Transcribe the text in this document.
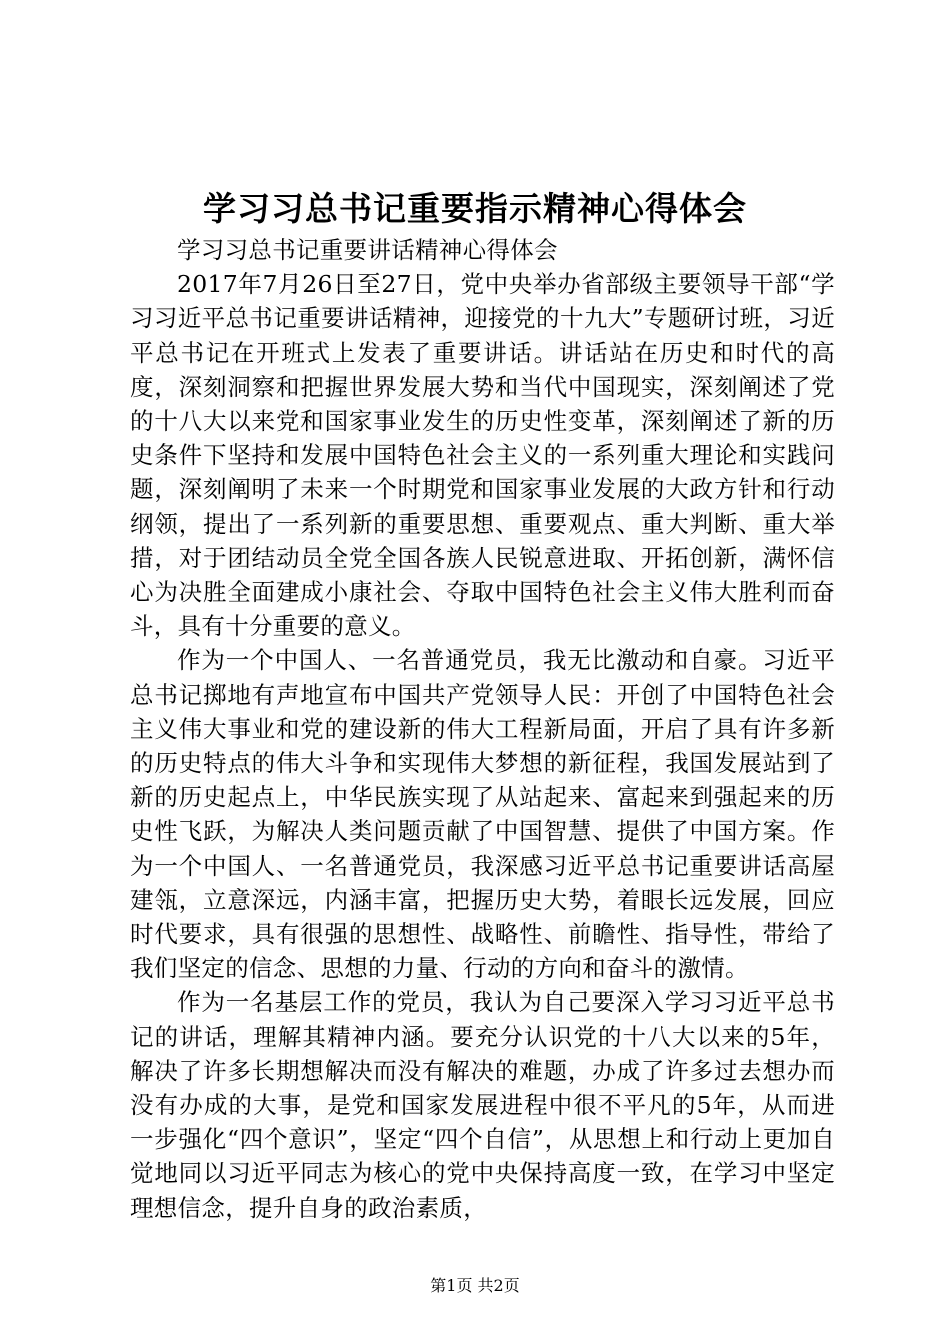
学习习总书记重要指示精神心得体会

学习习总书记重要讲话精神心得体会

2017年7月26日至27日，党中央举办省部级主要领导干部“学习习近平总书记重要讲话精神，迎接党的十九大”专题研讨班，习近平总书记在开班式上发表了重要讲话。讲话站在历史和时代的高度，深刻洞察和把握世界发展大势和当代中国现实，深刻阐述了党的十八大以来党和国家事业发生的历史性变革，深刻阐述了新的历史条件下坚持和发展中国特色社会主义的一系列重大理论和实践问题，深刻阐明了未来一个时期党和国家事业发展的大政方针和行动纲领，提出了一系列新的重要思想、重要观点、重大判断、重大举措，对于团结动员全党全国各族人民锐意进取、开拓创新，满怀信心为决胜全面建成小康社会、夺取中国特色社会主义伟大胜利而奋斗，具有十分重要的意义。

作为一个中国人、一名普通党员，我无比激动和自豪。习近平总书记掷地有声地宣布中国共产党领导人民：开创了中国特色社会主义伟大事业和党的建设新的伟大工程新局面，开启了具有许多新的历史特点的伟大斗争和实现伟大梦想的新征程，我国发展站到了新的历史起点上，中华民族实现了从站起来、富起来到强起来的历史性飞跃，为解决人类问题贡献了中国智慧、提供了中国方案。作为一个中国人、一名普通党员，我深感习近平总书记重要讲话高屋建瓴，立意深远，内涵丰富，把握历史大势，着眼长远发展，回应时代要求，具有很强的思想性、战略性、前瞻性、指导性，带给了我们坚定的信念、思想的力量、行动的方向和奋斗的激情。

作为一名基层工作的党员，我认为自己要深入学习习近平总书记的讲话，理解其精神内涵。要充分认识党的十八大以来的5年，解决了许多长期想解决而没有解决的难题，办成了许多过去想办而没有办成的大事，是党和国家发展进程中很不平凡的5年，从而进一步强化“四个意识”，坚定“四个自信”，从思想上和行动上更加自觉地同以习近平同志为核心的党中央保持高度一致，在学习中坚定理想信念，提升自身的政治素质，

第1页 共2页
